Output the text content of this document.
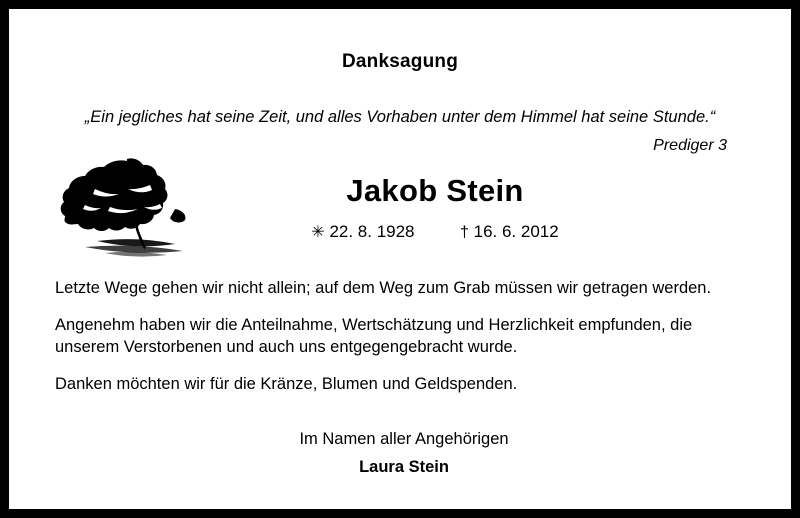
Danksagung
„Ein jegliches hat seine Zeit, und alles Vorhaben unter dem Himmel hat seine Stunde.“
Prediger 3
Jakob Stein
✳ 22. 8. 1928	† 16. 6. 2012

Letzte Wege gehen wir nicht allein; auf dem Weg zum Grab müssen wir getragen werden.

Angenehm haben wir die Anteilnahme, Wertschätzung und Herzlichkeit empfunden, die unserem Verstorbenen und auch uns entgegengebracht wurde.

Danken möchten wir für die Kränze, Blumen und Geldspenden.

Im Namen aller Angehörigen
Laura Stein
